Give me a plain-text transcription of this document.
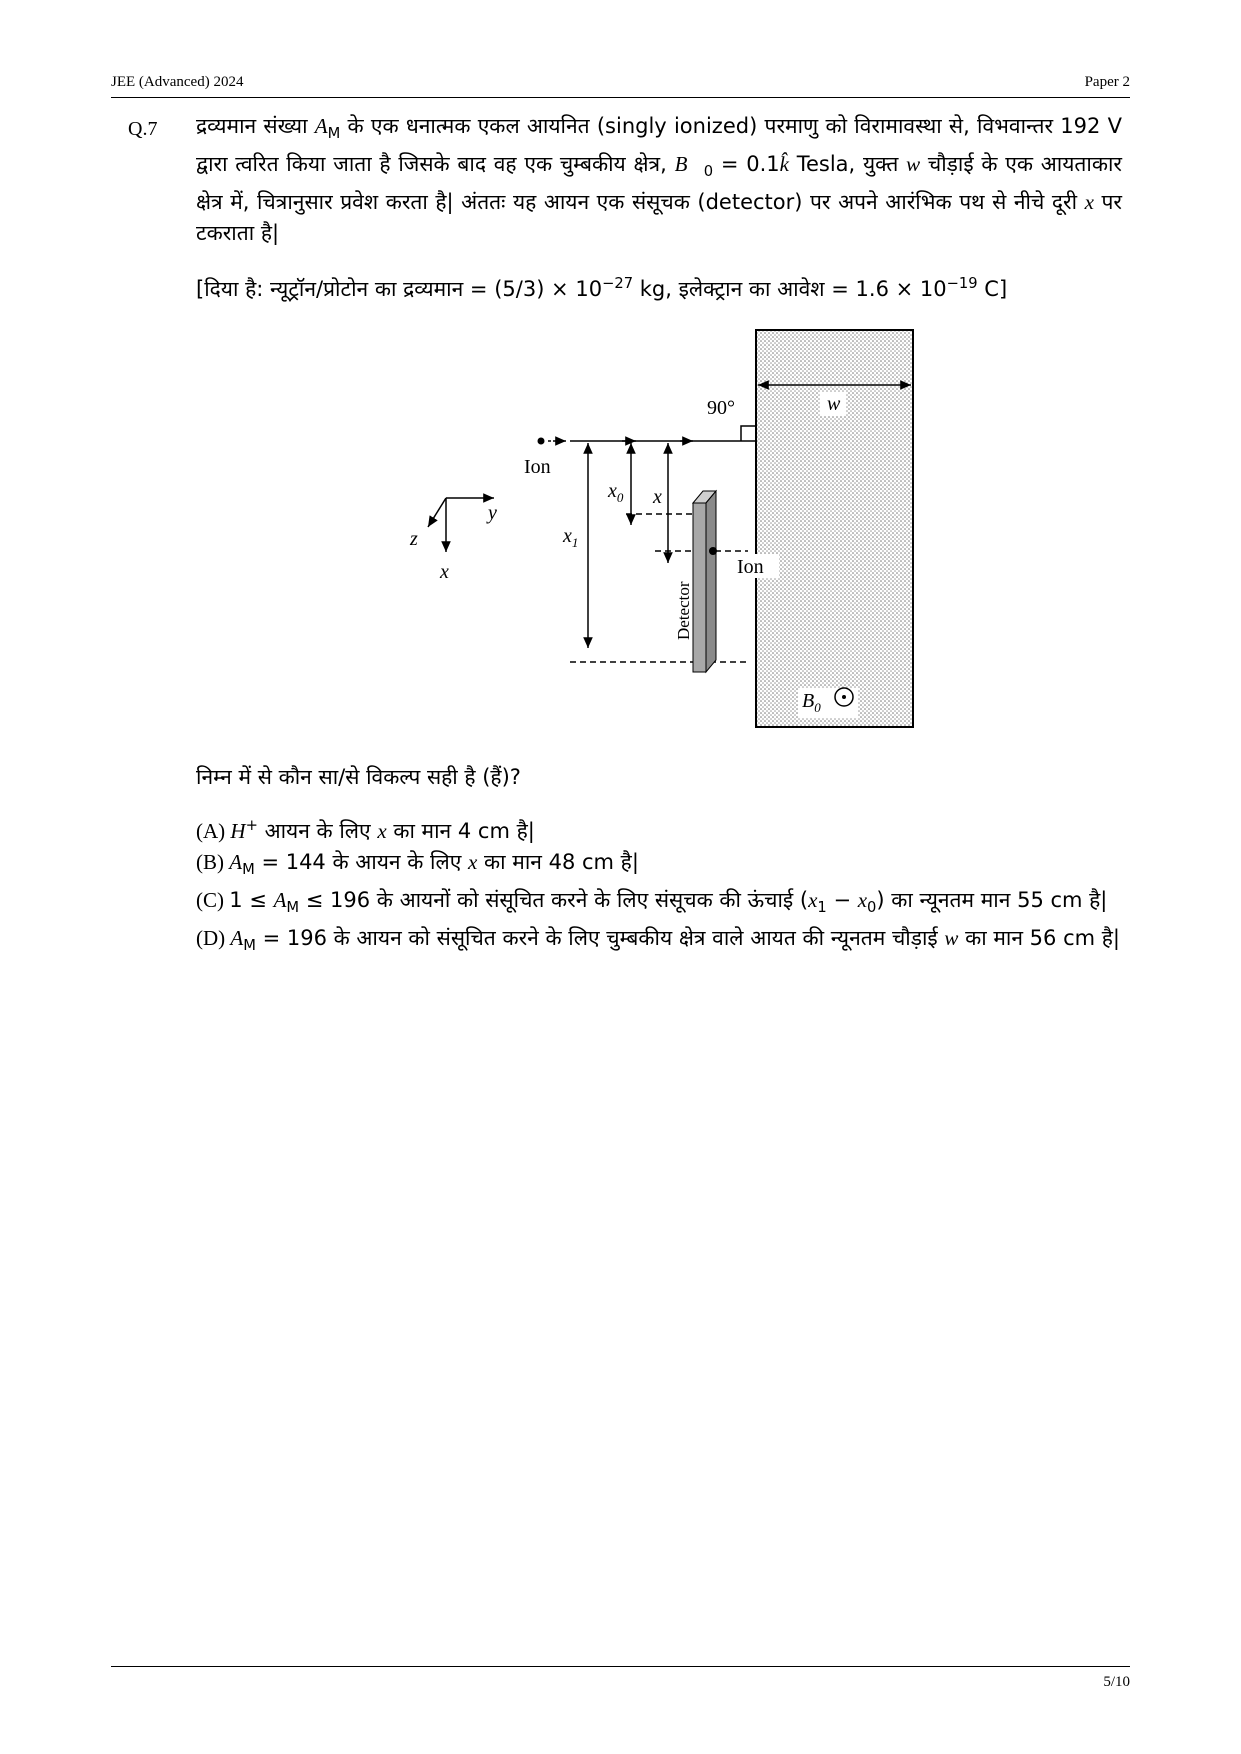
JEE (Advanced) 2024	Paper 2
Q.7 द्रव्यमान संख्या $A_M$ के एक धनात्मक एकल आयनित (singly ionized) परमाणु को विरामावस्था से, विभवान्तर 192 V द्वारा त्वरित किया जाता है जिसके बाद वह एक चुम्बकीय क्षेत्र, $B⃗_0$ = 0.1k̂ Tesla, युक्त w चौड़ाई के एक आयताकार क्षेत्र में, चित्रानुसार प्रवेश करता है| अंततः यह आयन एक संसूचक (detector) पर अपने आरंभिक पथ से नीचे दूरी x पर टकराता है|
[दिया है: न्यूट्रॉन/प्रोटोन का द्रव्यमान = $(5/3) \times 10^{-27}$ kg, इलेक्ट्रान का आवेश = $1.6 \times 10^{-19}$ C]
w
90°
Ion
$x_0$ x
$x_1$
Detector
Ion
$B_0$
y
z
x
निम्न में से कौन सा/से विकल्प सही है (हैं)?
(A) H+ आयन के लिए x का मान 4 cm है|
(B) $A_M = 144$ के आयन के लिए x का मान 48 cm है|
(C) $1 \le A_M \le 196$ के आयनों को संसूचित करने के लिए संसूचक की ऊंचाई $(x_1 - x_0)$ का न्यूनतम मान 55 cm है|
(D) $A_M = 196$ के आयन को संसूचित करने के लिए चुम्बकीय क्षेत्र वाले आयत की न्यूनतम चौड़ाई w का मान 56 cm है|
5/10
